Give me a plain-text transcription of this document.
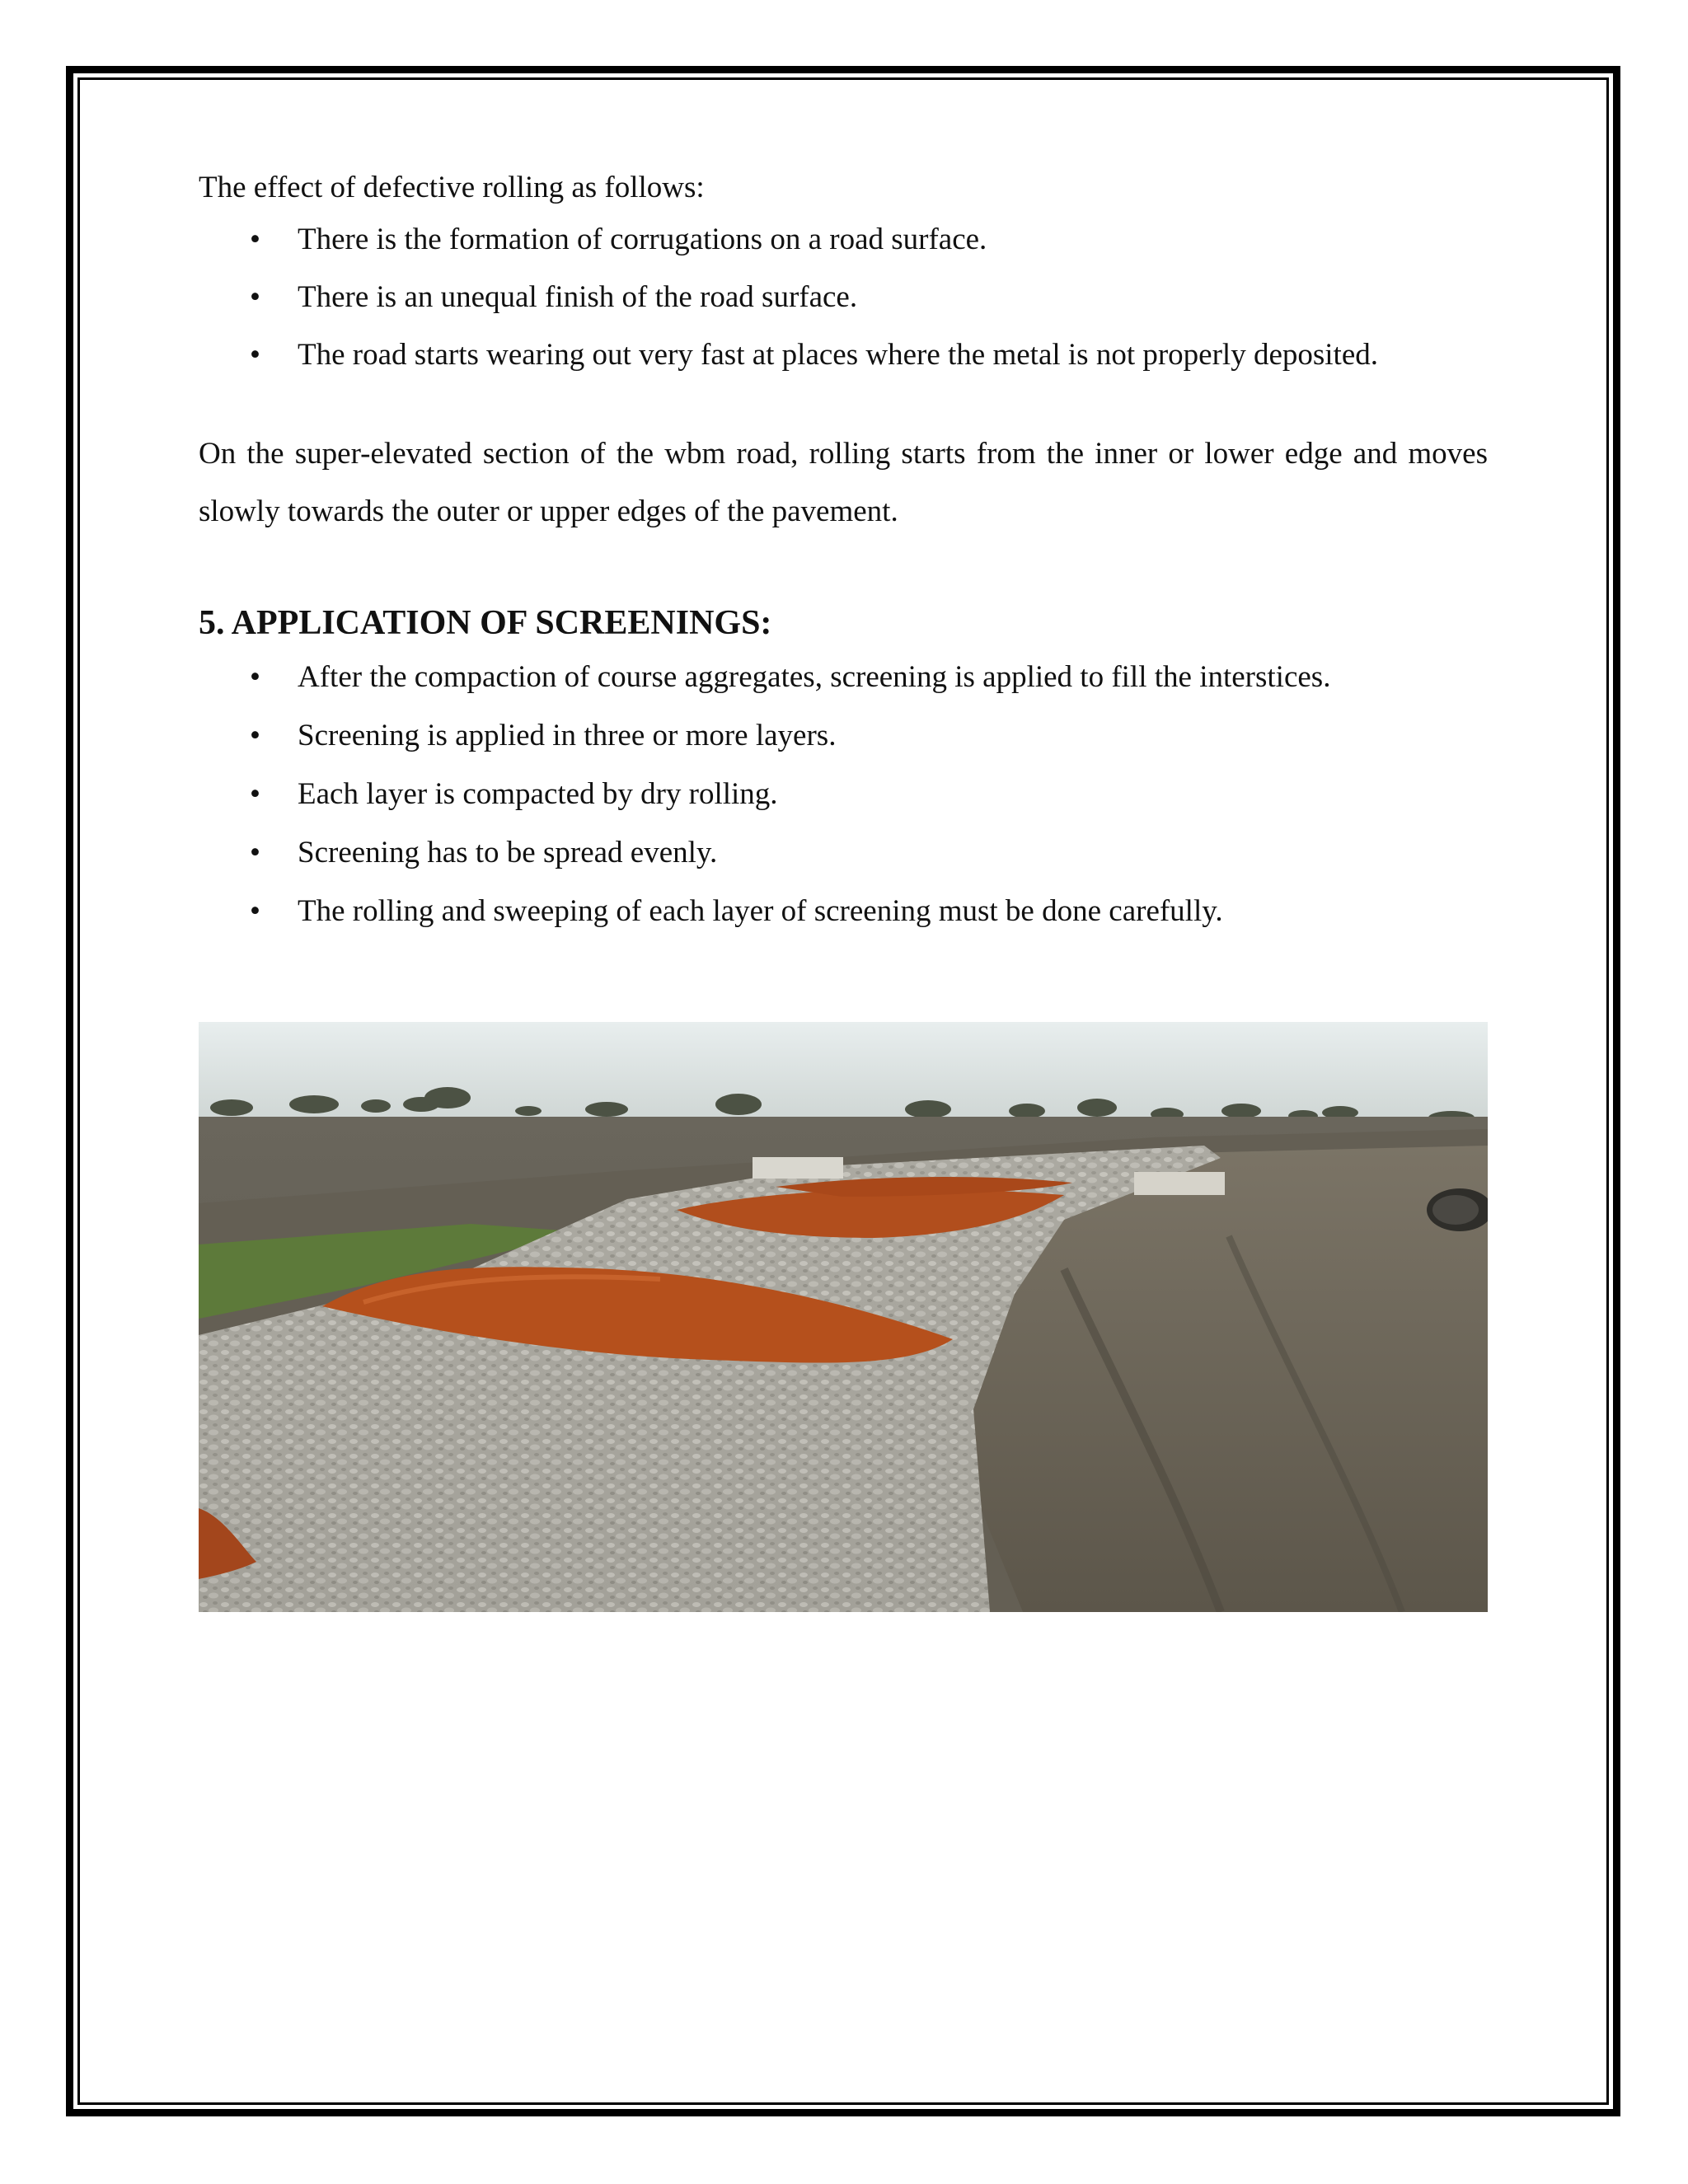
The effect of defective rolling as follows:

• There is the formation of corrugations on a road surface.
• There is an unequal finish of the road surface.
• The road starts wearing out very fast at places where the metal is not properly deposited.

On the super-elevated section of the wbm road, rolling starts from the inner or lower edge and moves slowly towards the outer or upper edges of the pavement.

5. APPLICATION OF SCREENINGS:
• After the compaction of course aggregates, screening is applied to fill the interstices.
• Screening is applied in three or more layers.
• Each layer is compacted by dry rolling.
• Screening has to be spread evenly.
• The rolling and sweeping of each layer of screening must be done carefully.
